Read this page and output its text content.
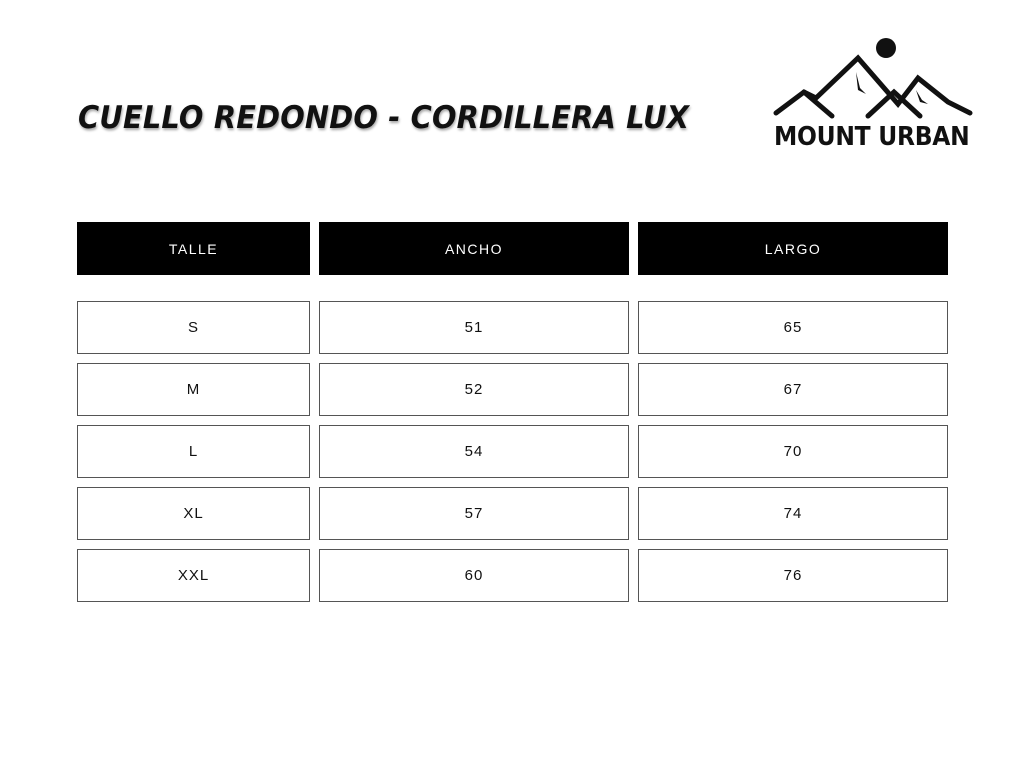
CUELLO REDONDO - CORDILLERA LUX
MOUNT URBAN
TALLE	ANCHO	LARGO
S	51	65
M	52	67
L	54	70
XL	57	74
XXL	60	76
